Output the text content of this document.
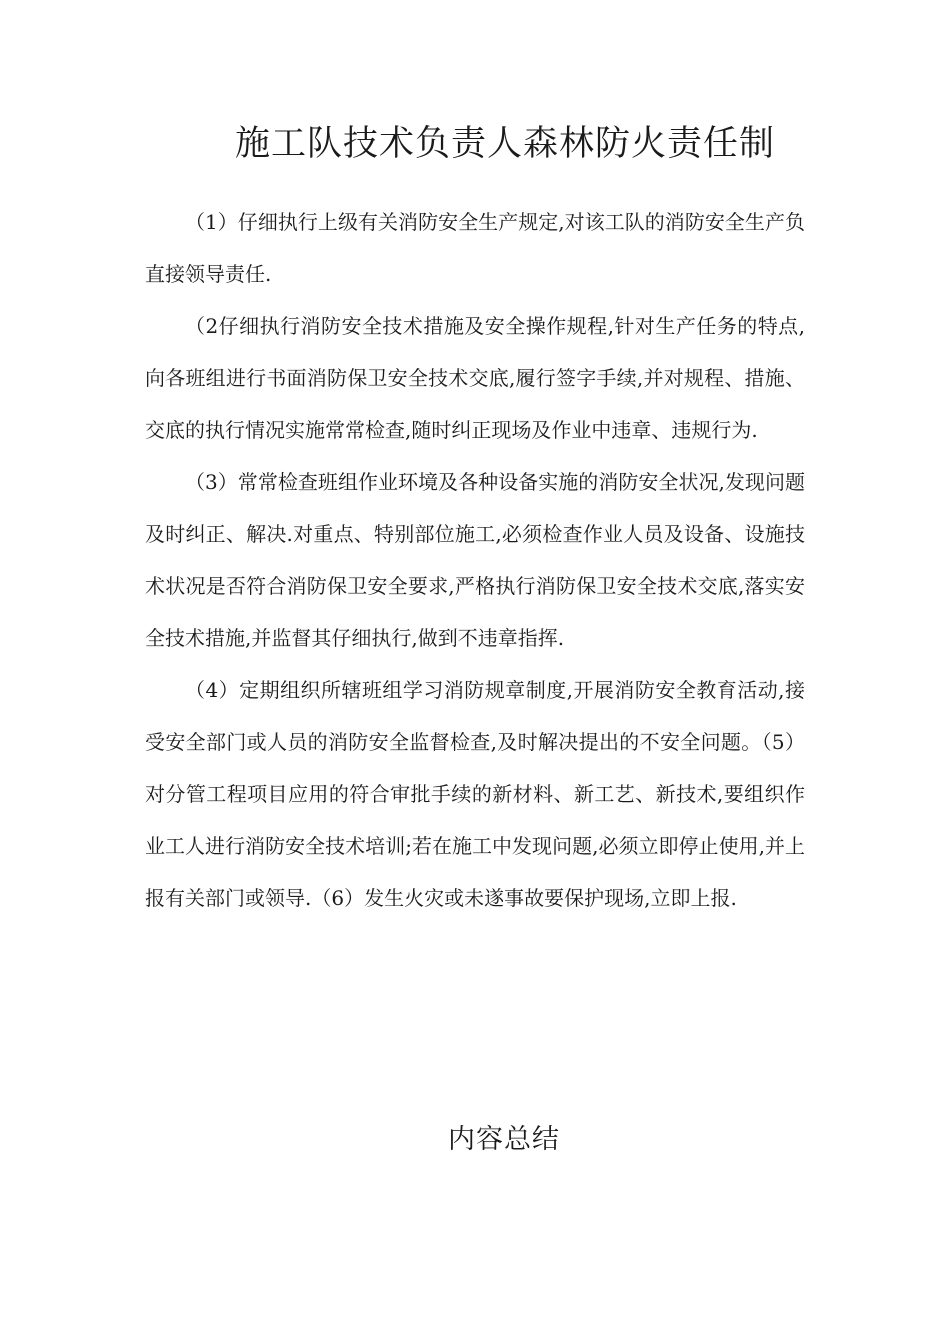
施工队技术负责人森林防火责任制

（1）仔细执行上级有关消防安全生产规定,对该工队的消防安全生产负直接领导责任.

（2仔细执行消防安全技术措施及安全操作规程,针对生产任务的特点,向各班组进行书面消防保卫安全技术交底,履行签字手续,并对规程、措施、交底的执行情况实施常常检查,随时纠正现场及作业中违章、违规行为.

（3）常常检查班组作业环境及各种设备实施的消防安全状况,发现问题及时纠正、解决.对重点、特别部位施工,必须检查作业人员及设备、设施技术状况是否符合消防保卫安全要求,严格执行消防保卫安全技术交底,落实安全技术措施,并监督其仔细执行,做到不违章指挥.

（4）定期组织所辖班组学习消防规章制度,开展消防安全教育活动,接受安全部门或人员的消防安全监督检查,及时解决提出的不安全问题。（5）对分管工程项目应用的符合审批手续的新材料、新工艺、新技术,要组织作业工人进行消防安全技术培训;若在施工中发现问题,必须立即停止使用,并上报有关部门或领导.（6）发生火灾或未遂事故要保护现场,立即上报.

内容总结
